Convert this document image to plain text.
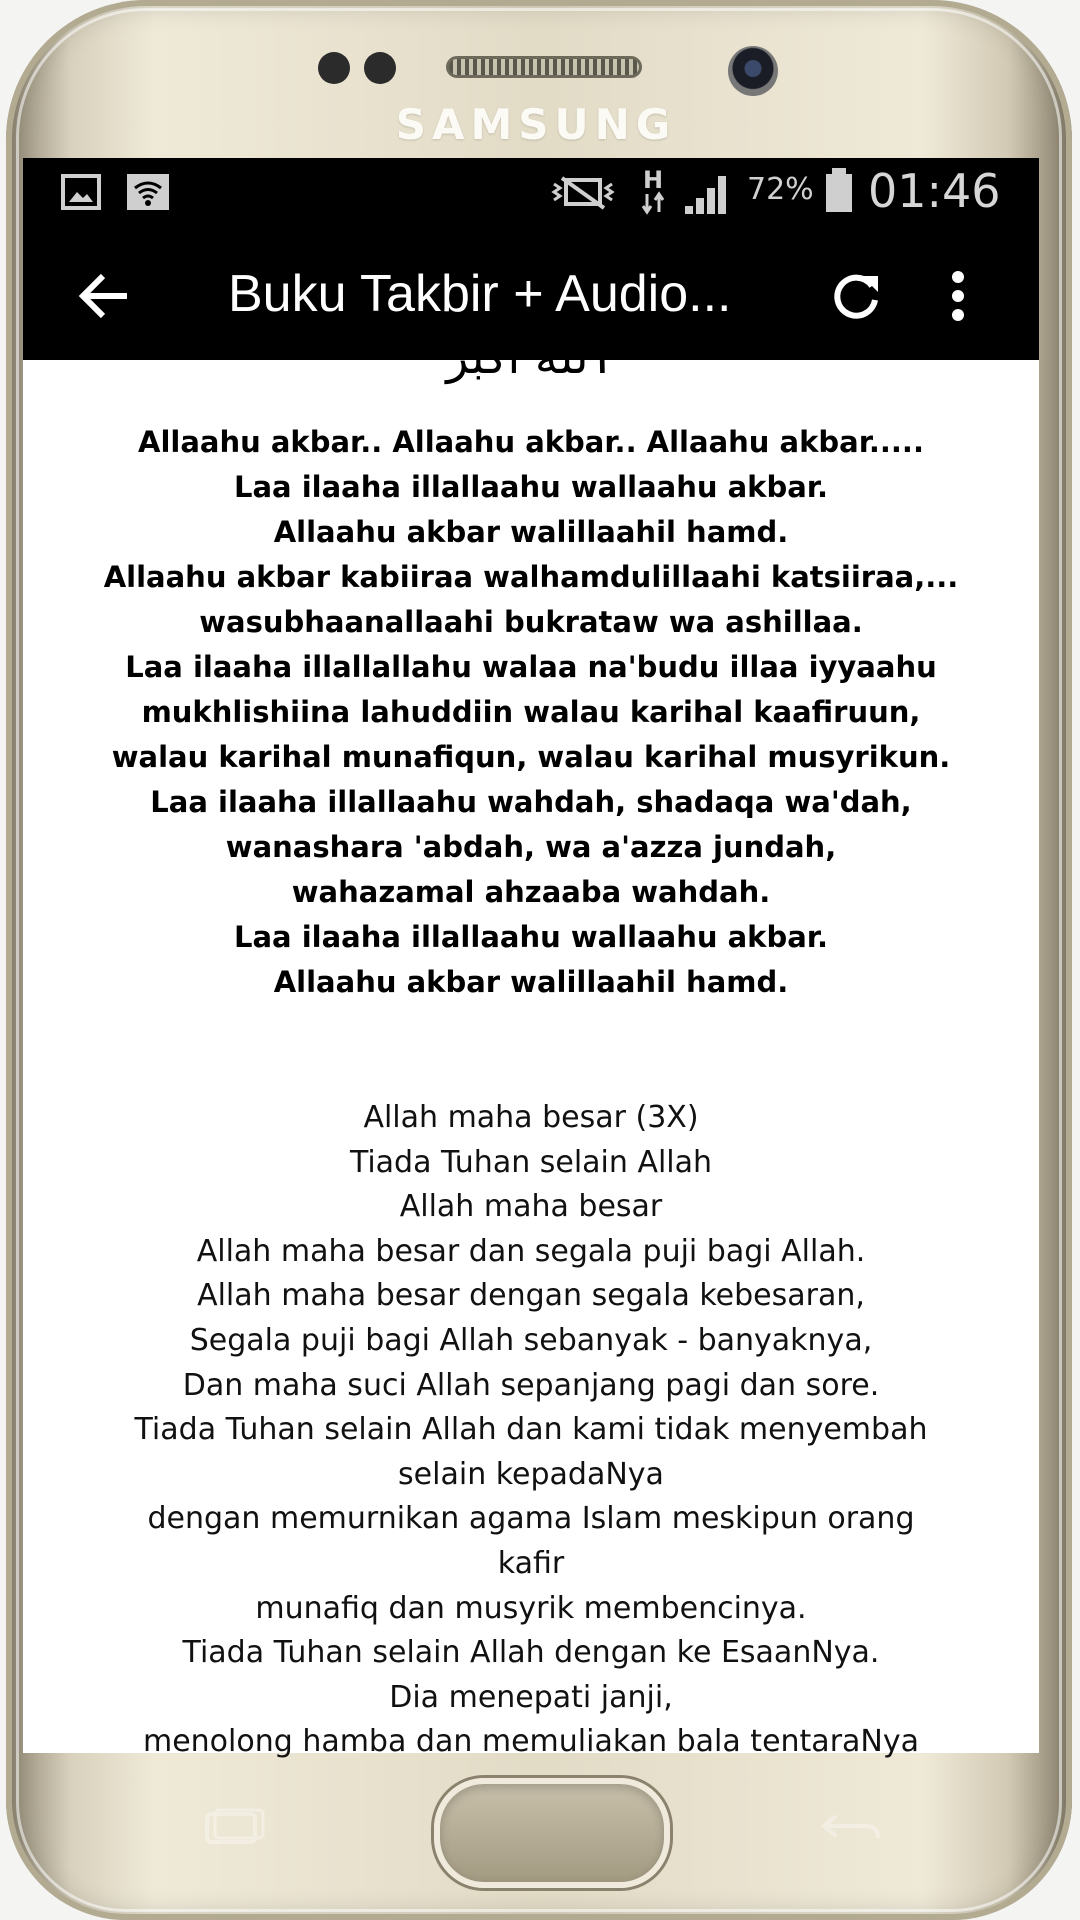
SAMSUNG
H	72% 01:46
Buku Takbir + Audio...
ٱللَّهُ أَكْبَرُ
Allaahu akbar.. Allaahu akbar.. Allaahu akbar.....
Laa ilaaha illallaahu wallaahu akbar.
Allaahu akbar walillaahil hamd.
Allaahu akbar kabiiraa walhamdulillaahi katsiiraa,...
wasubhaanallaahi bukrataw wa ashillaa.
Laa ilaaha illallallahu walaa na'budu illaa iyyaahu
mukhlishiina lahuddiin walau karihal kaafiruun,
walau karihal munafiqun, walau karihal musyrikun.
Laa ilaaha illallaahu wahdah, shadaqa wa'dah,
wanashara 'abdah, wa a'azza jundah,
wahazamal ahzaaba wahdah.
Laa ilaaha illallaahu wallaahu akbar.
Allaahu akbar walillaahil hamd.
Allah maha besar (3X)
Tiada Tuhan selain Allah
Allah maha besar
Allah maha besar dan segala puji bagi Allah.
Allah maha besar dengan segala kebesaran,
Segala puji bagi Allah sebanyak - banyaknya,
Dan maha suci Allah sepanjang pagi dan sore.
Tiada Tuhan selain Allah dan kami tidak menyembah
selain kepadaNya
dengan memurnikan agama Islam meskipun orang
kafir
munafiq dan musyrik membencinya.
Tiada Tuhan selain Allah dengan ke EsaanNya.
Dia menepati janji,
menolong hamba dan memuliakan bala tentaraNya
